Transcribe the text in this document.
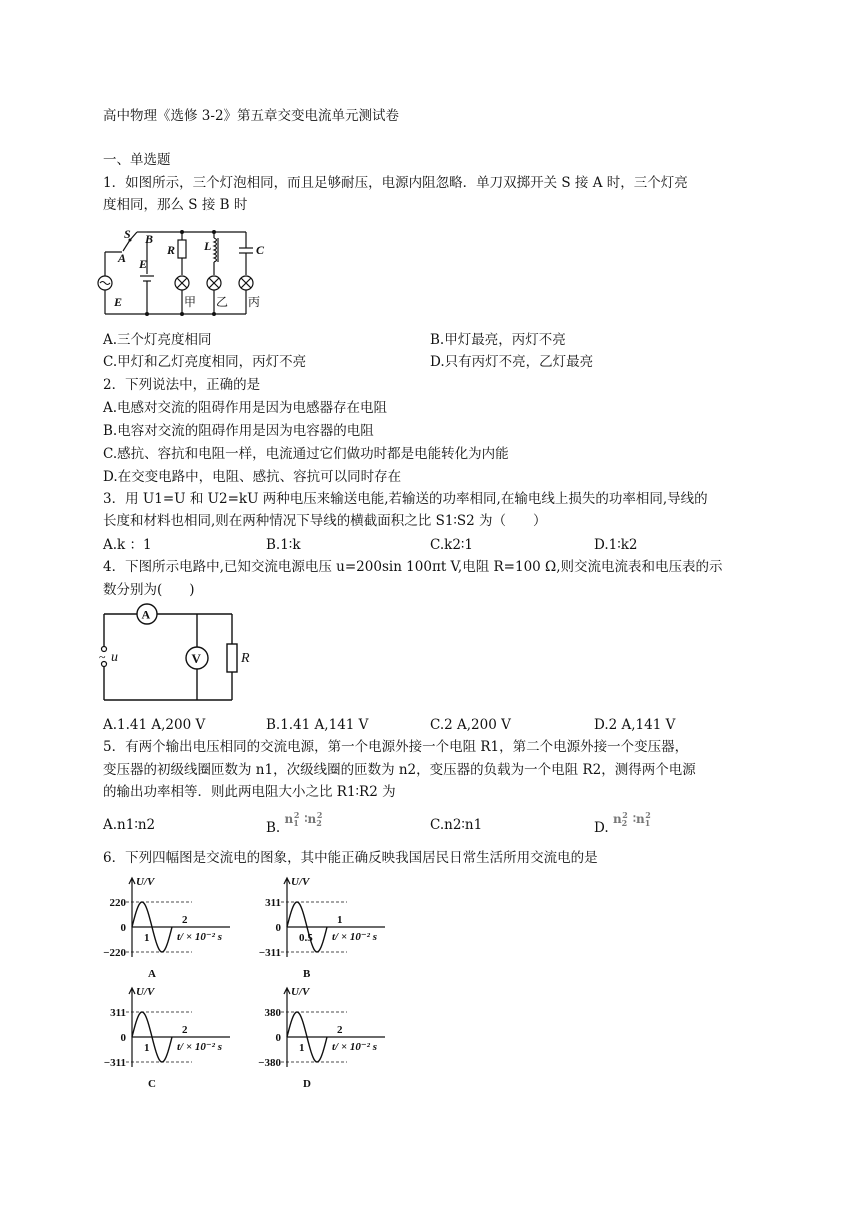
高中物理《选修 3-2》第五章交变电流单元测试卷
一、单选题
1．如图所示，三个灯泡相同，而且足够耐压，电源内阻忽略．单刀双掷开关 S 接 A 时，三个灯亮
度相同，那么 S 接 B 时
S B
A E
E
R L	C
甲 乙 丙
A.三个灯亮度相同	B.甲灯最亮，丙灯不亮
C.甲灯和乙灯亮度相同，丙灯不亮	D.只有丙灯不亮，乙灯最亮
2．下列说法中，正确的是
A.电感对交流的阻碍作用是因为电感器存在电阻
B.电容对交流的阻碍作用是因为电容器的电阻
C.感抗、容抗和电阻一样，电流通过它们做功时都是电能转化为内能
D.在交变电路中，电阻、感抗、容抗可以同时存在
3．用 U1=U 和 U2=kU 两种电压来输送电能,若输送的功率相同,在输电线上损失的功率相同,导线的
长度和材料也相同,则在两种情况下导线的横截面积之比 S1∶S2 为（　　）
A.k ：1	B.1∶k	C.k2∶1	D.1∶k2
4．下图所示电路中,已知交流电源电压 u=200sin 100πt V,电阻 R=100 Ω,则交流电流表和电压表的示
数分别为(　　)
A
V	R
~ u
A.1.41 A,200 V	B.1.41 A,141 V	C.2 A,200 V	D.2 A,141 V
5．有两个输出电压相同的交流电源，第一个电源外接一个电阻 R1，第二个电源外接一个变压器，
变压器的初级线圈匝数为 n1，次级线圈的匝数为 n2，变压器的负载为一个电阻 R2，测得两个电源
的输出功率相等．则此两电阻大小之比 R1∶R2 为
A.n1∶n2	B. $n_1^2$ $∶n_2^2$
C.n2∶n1	D. $n_2^2$ $∶n_1^2$
6．下列四幅图是交流电的图象，其中能正确反映我国居民日常生活所用交流电的是
U/V
220
−220
0
1
2
t/ × 10⁻² s
A
U/V
311
−311
0
0.5
1
t/ × 10⁻² s
B
U/V
311
−311
0
1
2
t/ × 10⁻² s
C
U/V
380
−380
0
1
2
t/ × 10⁻² s
D
